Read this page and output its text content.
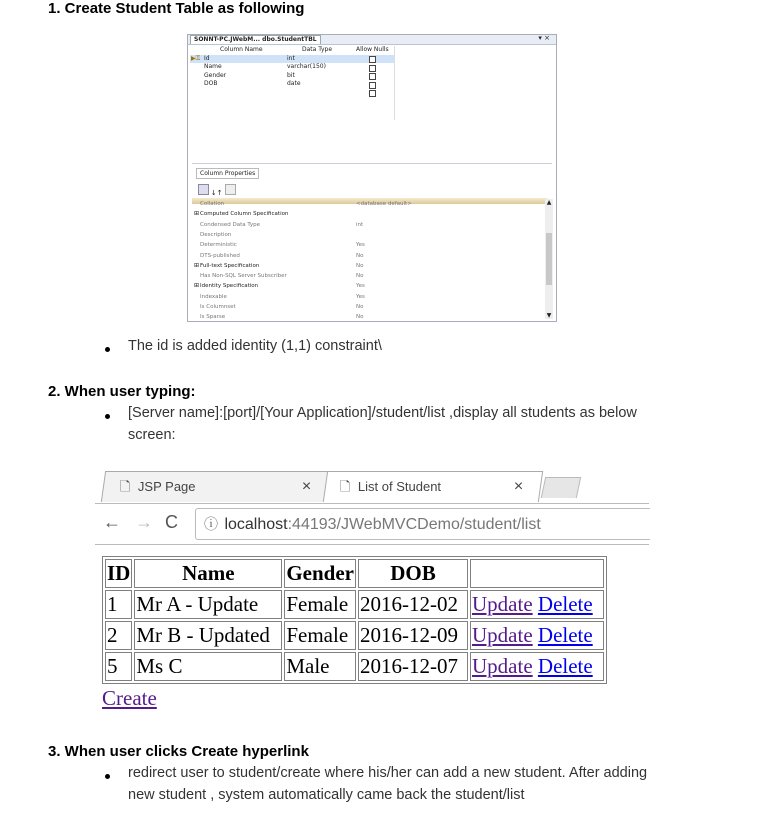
1. Create Student Table as following
SONNT-PC.JWebM... dbo.StudentTBL	▾ ×
Column Name	Data Type	Allow Nulls
▶⚿ Id	int
Name	varchar(150)
Gender	bit
DOB	date
Column Properties
↓↑
▲
▼
Collation	<database default>
⊞ Computed Column Specification
Condensed Data Type	int
Description
Deterministic	Yes
DTS-published	No
⊞ Full-text Specification	No
Has Non-SQL Server Subscriber	No
⊞ Identity Specification	Yes
Indexable	Yes
Is Columnset	No
Is Sparse	No
The id is added identity (1,1) constraint\
2. When user typing:
[Server name]:[port]/[Your Application]/student/list ,display all students as below
screen:
🗋 JSP Page	× 🗋 List of Student	×
← → C	ⓘ localhost:44193/JWebMVCDemo/student/list
ID	Name	Gender	DOB	
1	Mr A - Update	Female	2016-12-02	Update Delete
2	Mr B - Updated	Female	2016-12-09	Update Delete
5	Ms C	Male	2016-12-07	Update Delete
Create
3. When user clicks Create hyperlink
redirect user to student/create where his/her can add a new student. After adding
new student , system automatically came back the student/list
